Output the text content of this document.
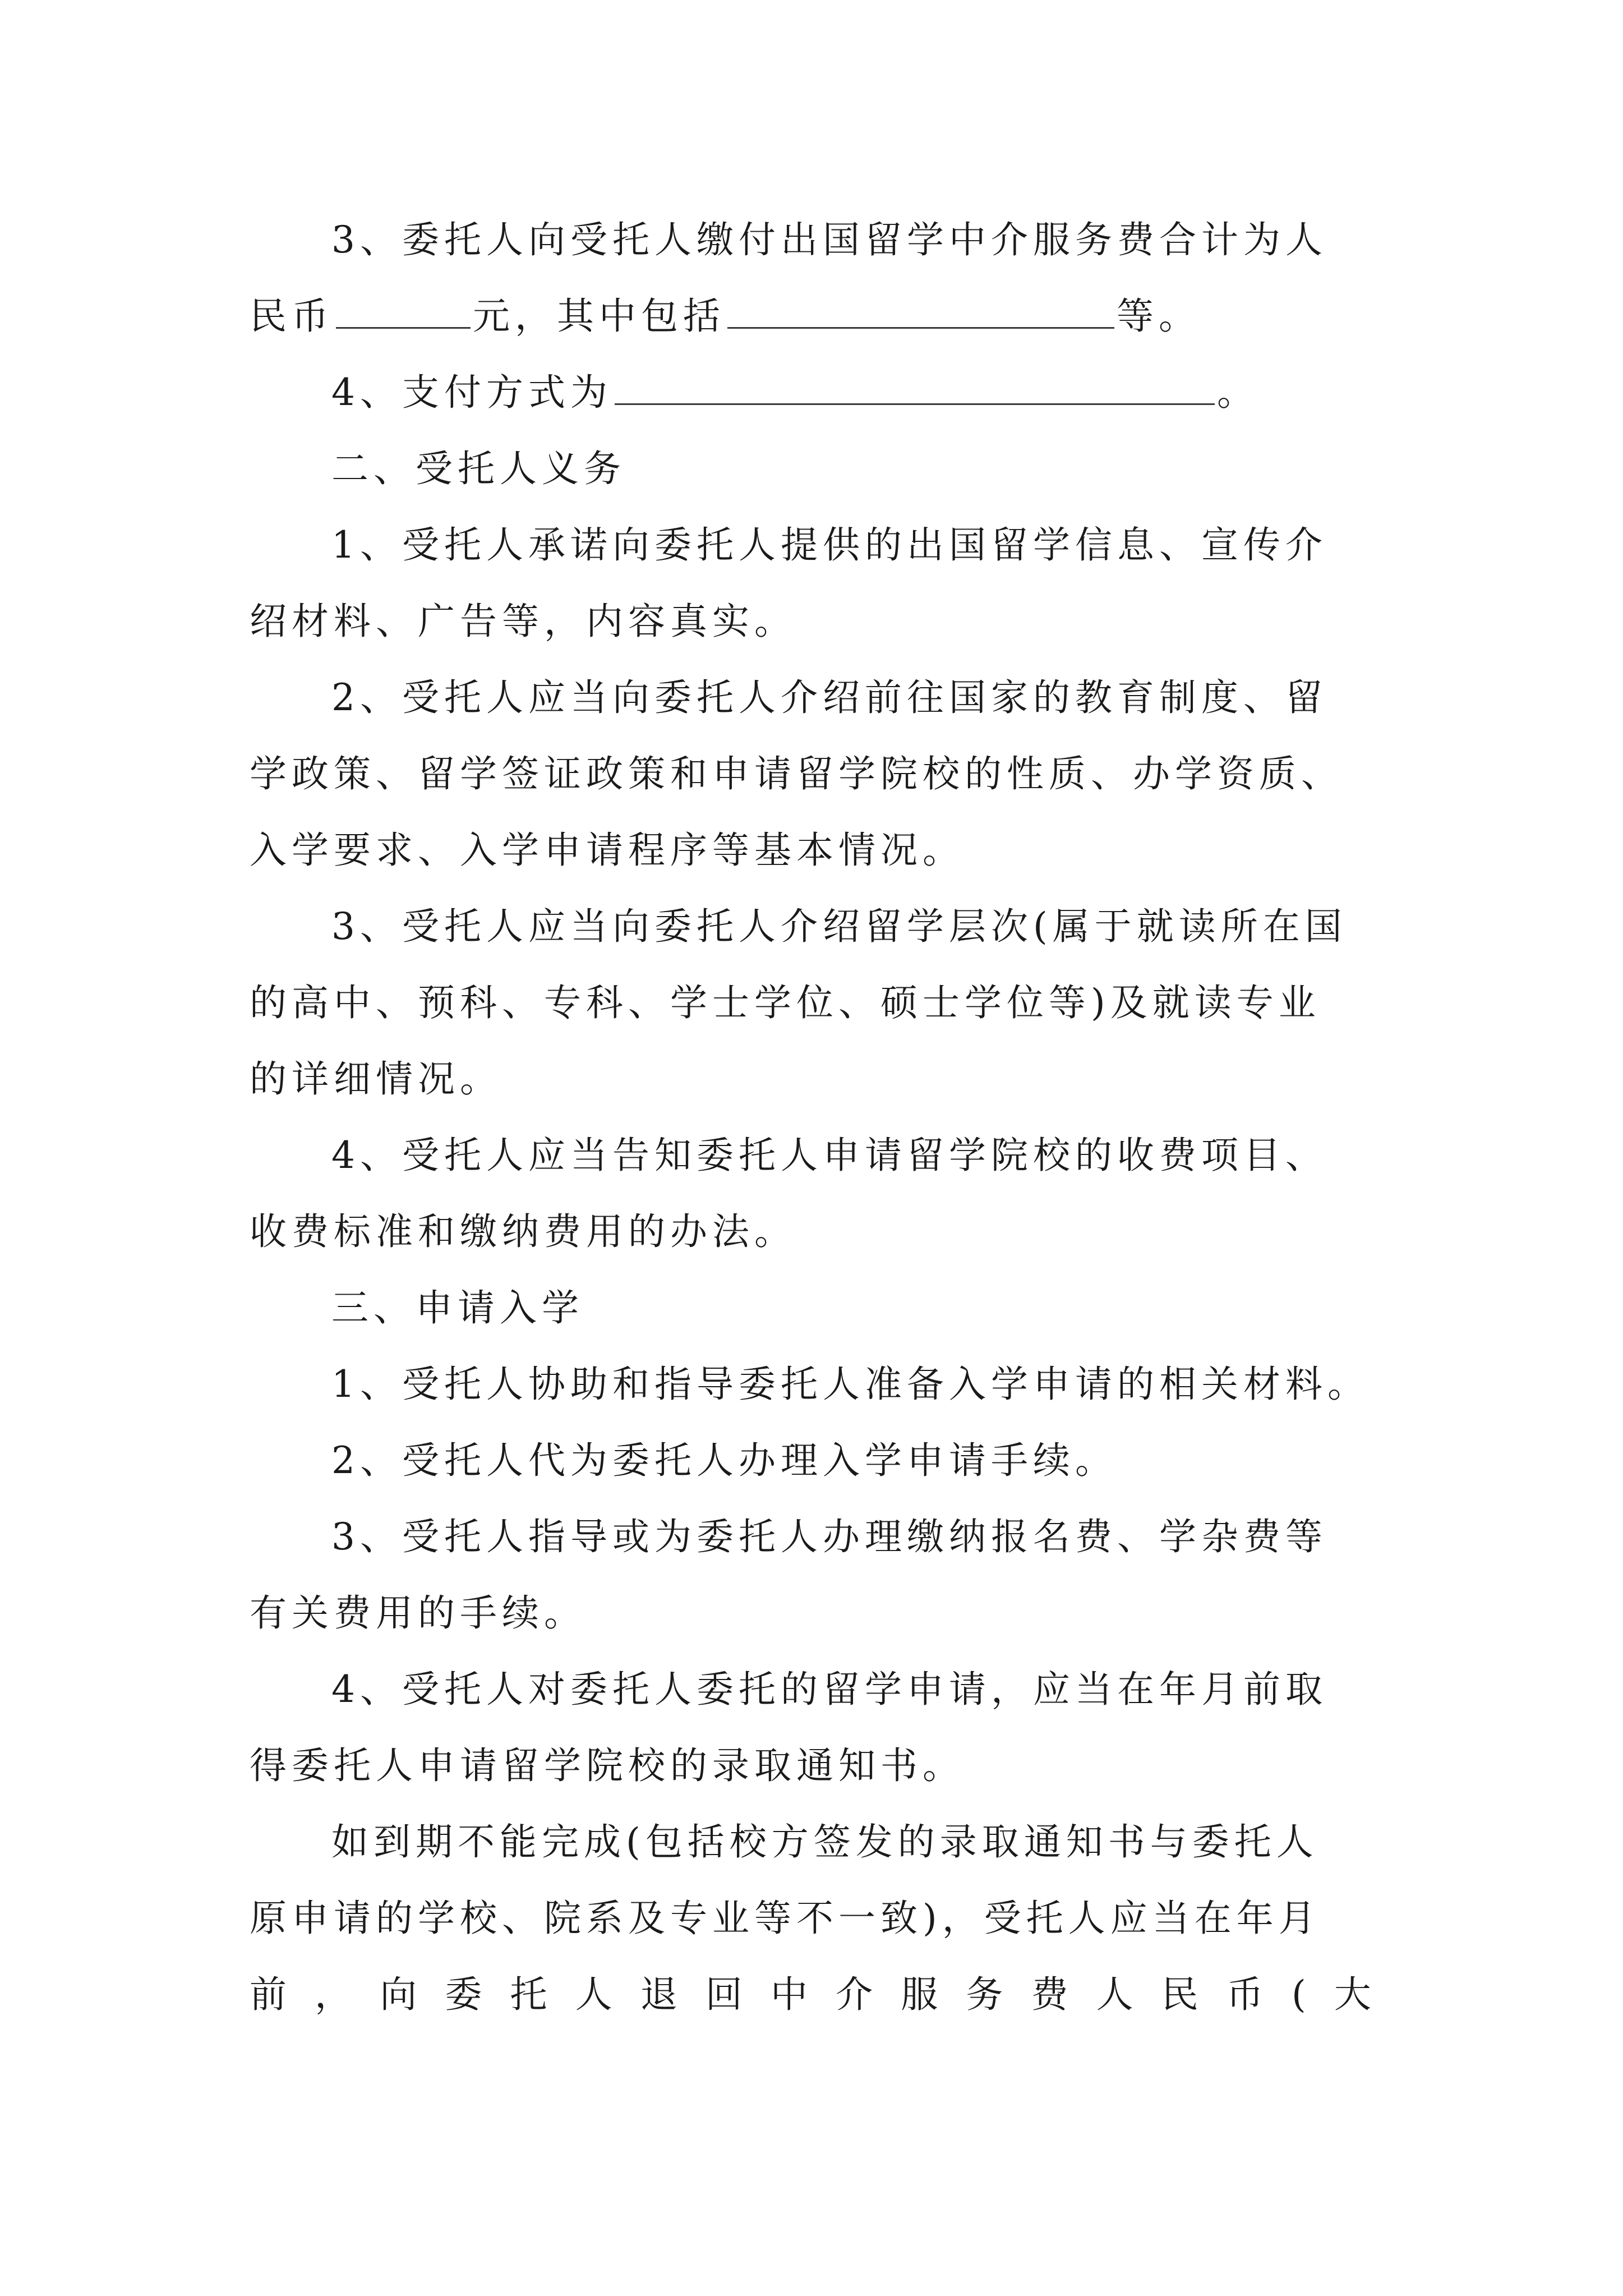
3、委托人向受托人缴付出国留学中介服务费合计为人
民币	元，其中包括	等。
4、支付方式为	。
二、受托人义务
1、受托人承诺向委托人提供的出国留学信息、宣传介
绍材料、广告等，内容真实。
2、受托人应当向委托人介绍前往国家的教育制度、留
学政策、留学签证政策和申请留学院校的性质、办学资质、
入学要求、入学申请程序等基本情况。
3、受托人应当向委托人介绍留学层次(属于就读所在国
的高中、预科、专科、学士学位、硕士学位等)及就读专业
的详细情况。
4、受托人应当告知委托人申请留学院校的收费项目、
收费标准和缴纳费用的办法。
三、申请入学
1、受托人协助和指导委托人准备入学申请的相关材料。
2、受托人代为委托人办理入学申请手续。
3、受托人指导或为委托人办理缴纳报名费、学杂费等
有关费用的手续。
4、受托人对委托人委托的留学申请，应当在年月前取
得委托人申请留学院校的录取通知书。
如到期不能完成(包括校方签发的录取通知书与委托人
原申请的学校、院系及专业等不一致)，受托人应当在年月
前 ， 向 委 托 人 退 回 中 介 服 务 费 人 民 币 ( 大
